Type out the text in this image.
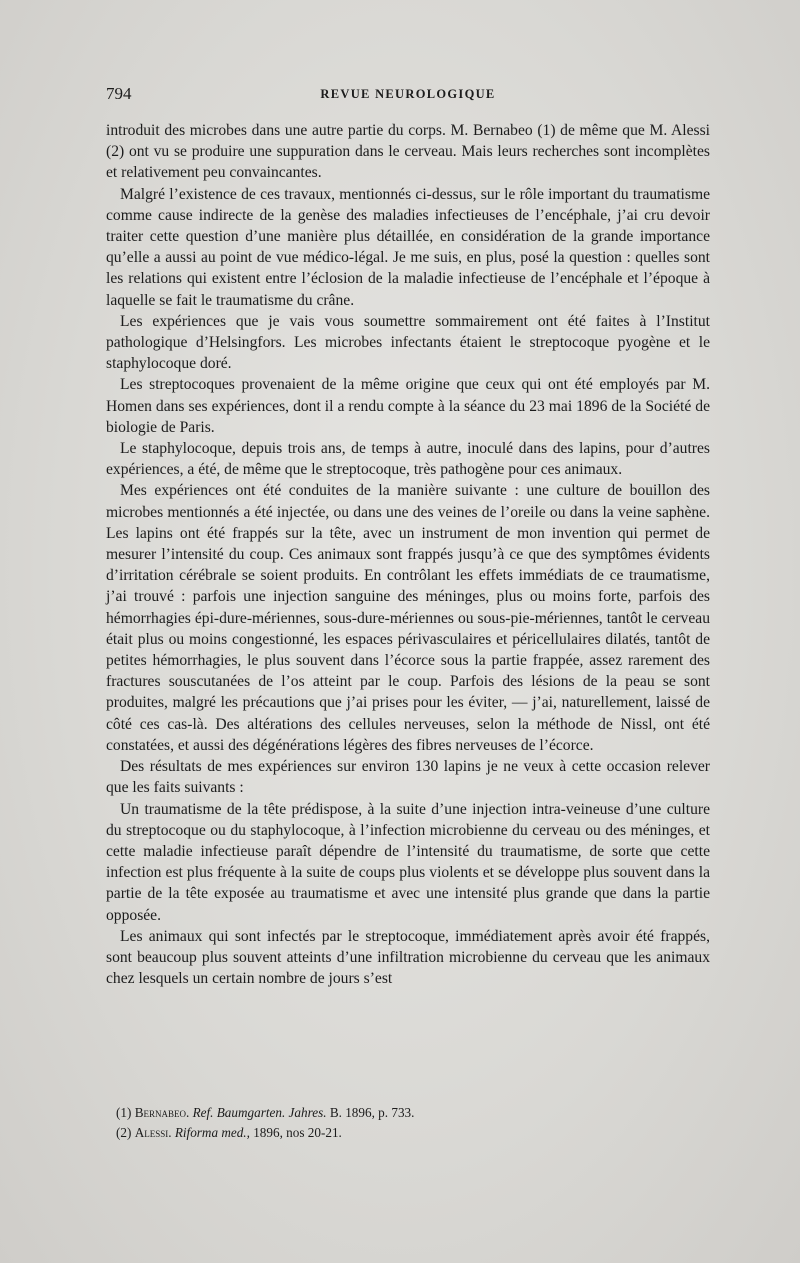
794	REVUE NEUROLOGIQUE

introduit des microbes dans une autre partie du corps. M. Bernabeo (1) de même que M. Alessi (2) ont vu se produire une suppuration dans le cerveau. Mais leurs recherches sont incomplètes et relativement peu convaincantes.

Malgré l’existence de ces travaux, mentionnés ci-dessus, sur le rôle important du traumatisme comme cause indirecte de la genèse des maladies infectieuses de l’encéphale, j’ai cru devoir traiter cette question d’une manière plus détaillée, en considération de la grande importance qu’elle a aussi au point de vue médico-légal. Je me suis, en plus, posé la question : quelles sont les relations qui existent entre l’éclosion de la maladie infectieuse de l’encéphale et l’époque à laquelle se fait le traumatisme du crâne.

Les expériences que je vais vous soumettre sommairement ont été faites à l’Institut pathologique d’Helsingfors. Les microbes infectants étaient le streptocoque pyogène et le staphylocoque doré.

Les streptocoques provenaient de la même origine que ceux qui ont été employés par M. Homen dans ses expériences, dont il a rendu compte à la séance du 23 mai 1896 de la Société de biologie de Paris.

Le staphylocoque, depuis trois ans, de temps à autre, inoculé dans des lapins, pour d’autres expériences, a été, de même que le streptocoque, très pathogène pour ces animaux.

Mes expériences ont été conduites de la manière suivante : une culture de bouillon des microbes mentionnés a été injectée, ou dans une des veines de l’oreile ou dans la veine saphène. Les lapins ont été frappés sur la tête, avec un instrument de mon invention qui permet de mesurer l’intensité du coup. Ces animaux sont frappés jusqu’à ce que des symptômes évidents d’irritation cérébrale se soient produits. En contrôlant les effets immédiats de ce traumatisme, j’ai trouvé : parfois une injection sanguine des méninges, plus ou moins forte, parfois des hémorrhagies épi-dure-mériennes, sous-dure-mériennes ou sous-pie-mériennes, tantôt le cerveau était plus ou moins congestionné, les espaces périvasculaires et péricellulaires dilatés, tantôt de petites hémorrhagies, le plus souvent dans l’écorce sous la partie frappée, assez rarement des fractures souscutanées de l’os atteint par le coup. Parfois des lésions de la peau se sont produites, malgré les précautions que j’ai prises pour les éviter, — j’ai, naturellement, laissé de côté ces cas-là. Des altérations des cellules nerveuses, selon la méthode de Nissl, ont été constatées, et aussi des dégénérations légères des fibres nerveuses de l’écorce.

Des résultats de mes expériences sur environ 130 lapins je ne veux à cette occasion relever que les faits suivants :

Un traumatisme de la tête prédispose, à la suite d’une injection intra-veineuse d’une culture du streptocoque ou du staphylocoque, à l’infection microbienne du cerveau ou des méninges, et cette maladie infectieuse paraît dépendre de l’intensité du traumatisme, de sorte que cette infection est plus fréquente à la suite de coups plus violents et se développe plus souvent dans la partie de la tête exposée au traumatisme et avec une intensité plus grande que dans la partie opposée.

Les animaux qui sont infectés par le streptocoque, immédiatement après avoir été frappés, sont beaucoup plus souvent atteints d’une infiltration microbienne du cerveau que les animaux chez lesquels un certain nombre de jours s’est

(1) Bernabeo. Ref. Baumgarten. Jahres. B. 1896, p. 733.

(2) Alessi. Riforma med., 1896, nos 20-21.
